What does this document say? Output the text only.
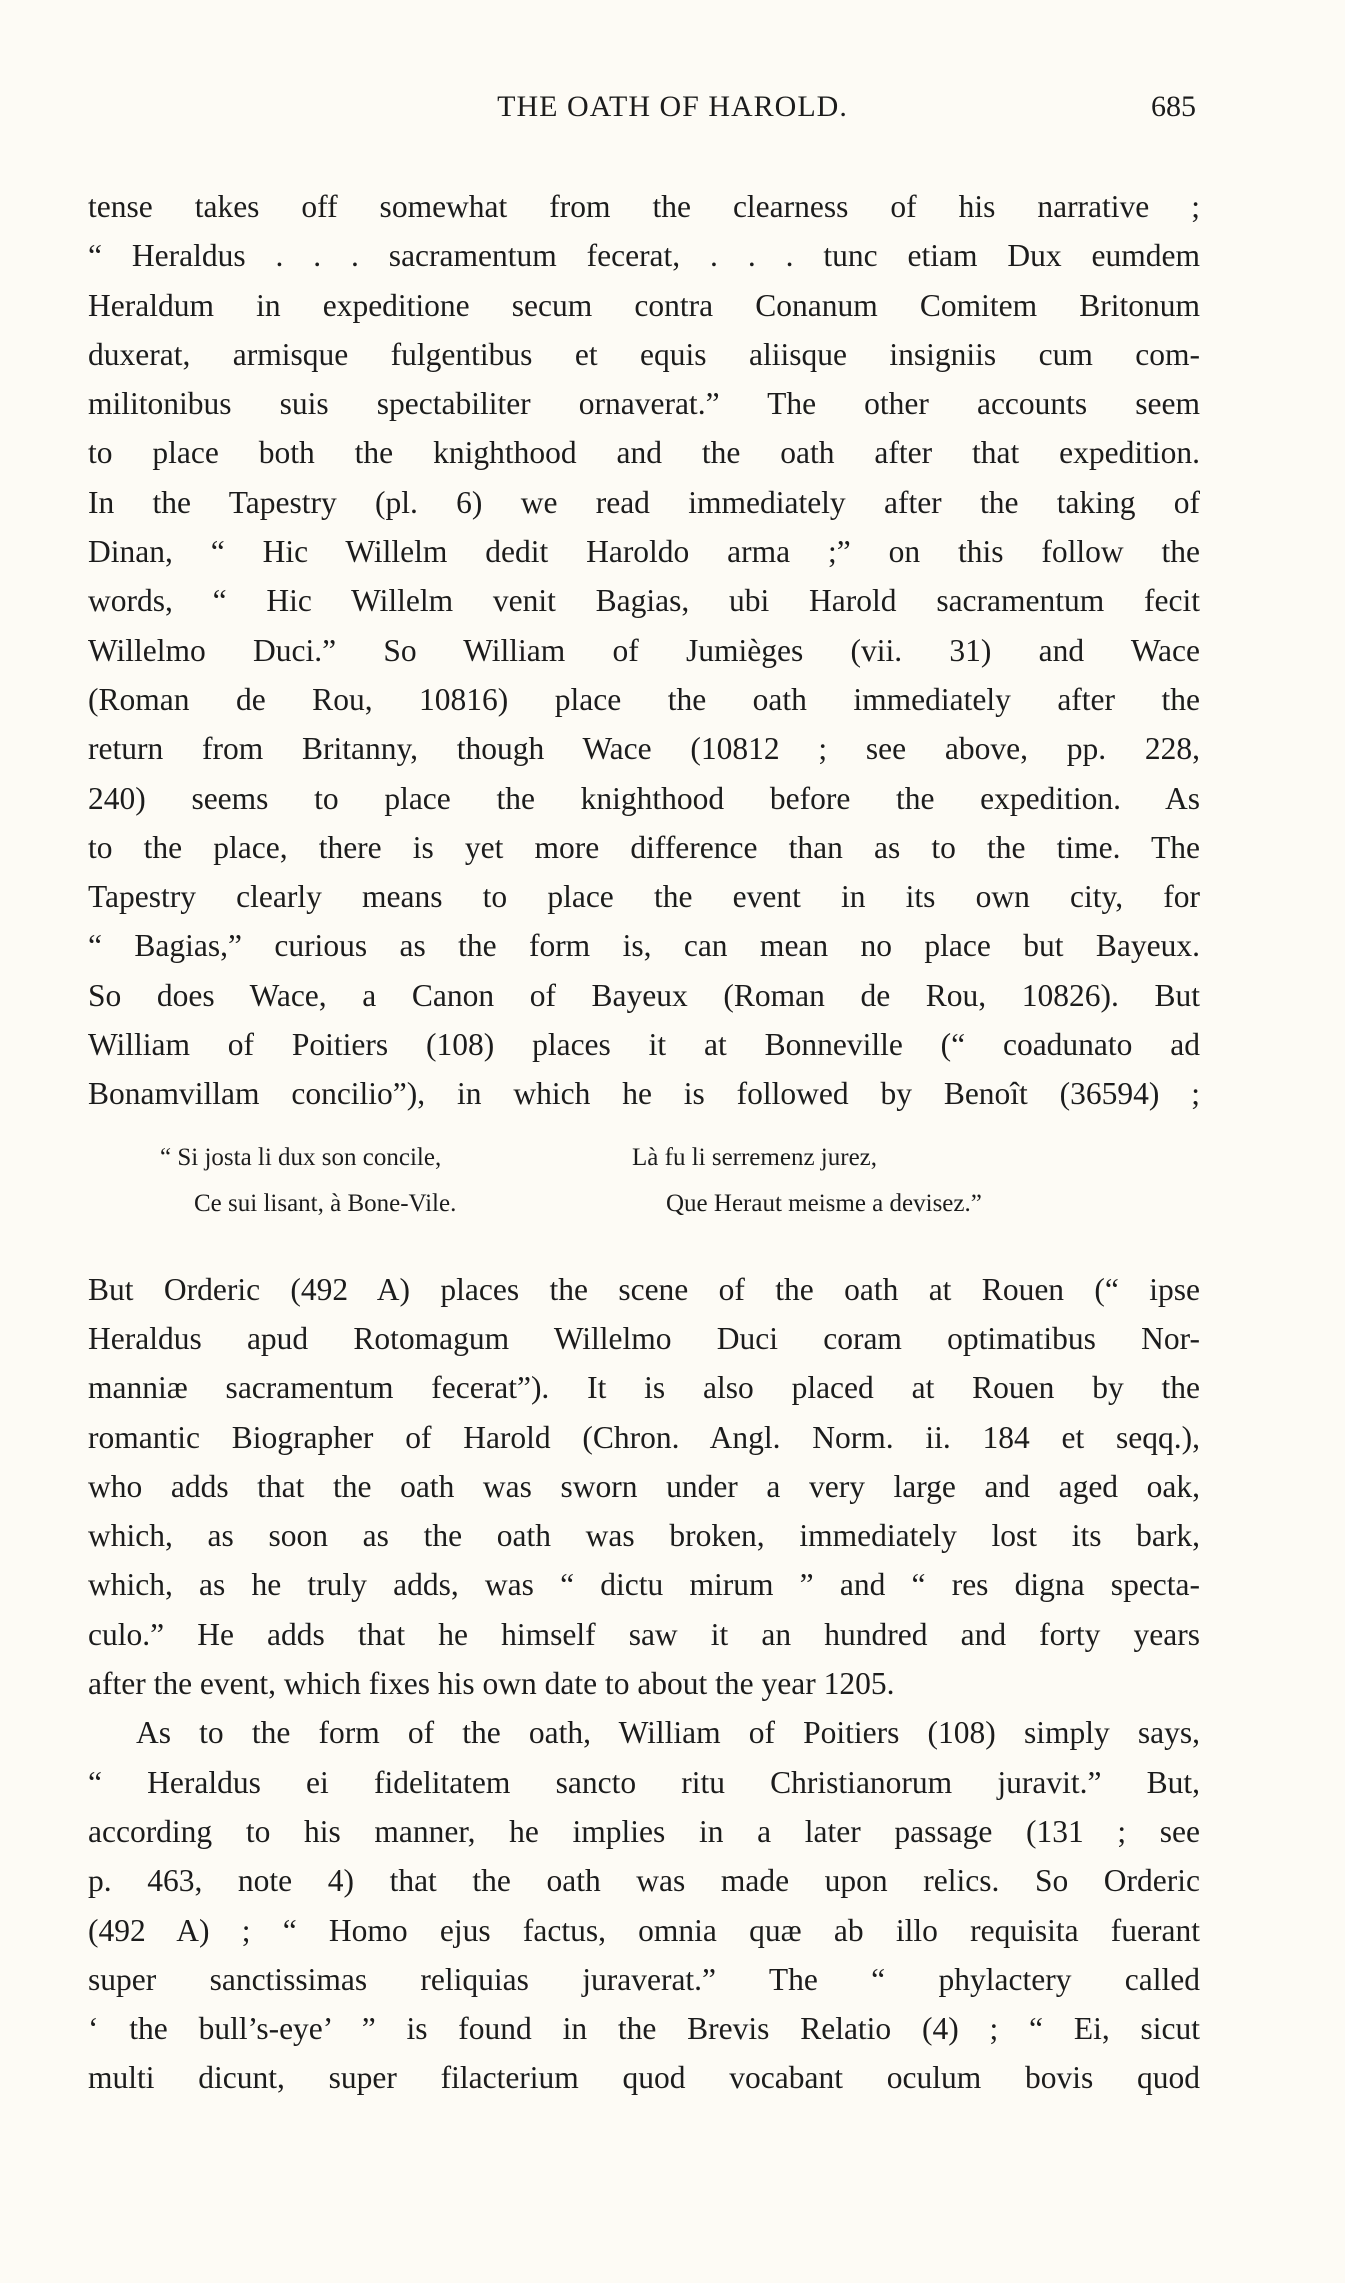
THE OATH OF HAROLD.	685
tense takes off somewhat from the clearness of his narrative ;
“ Heraldus . . . sacramentum fecerat, . . . tunc etiam Dux eumdem
Heraldum in expeditione secum contra Conanum Comitem Britonum
duxerat, armisque fulgentibus et equis aliisque insigniis cum com-
militonibus suis spectabiliter ornaverat.” The other accounts seem
to place both the knighthood and the oath after that expedition.
In the Tapestry (pl. 6) we read immediately after the taking of
Dinan, “ Hic Willelm dedit Haroldo arma ;” on this follow the
words, “ Hic Willelm venit Bagias, ubi Harold sacramentum fecit
Willelmo Duci.” So William of Jumièges (vii. 31) and Wace
(Roman de Rou, 10816) place the oath immediately after the
return from Britanny, though Wace (10812 ; see above, pp. 228,
240) seems to place the knighthood before the expedition. As
to the place, there is yet more difference than as to the time. The
Tapestry clearly means to place the event in its own city, for
“ Bagias,” curious as the form is, can mean no place but Bayeux.
So does Wace, a Canon of Bayeux (Roman de Rou, 10826). But
William of Poitiers (108) places it at Bonneville (“ coadunato ad
Bonamvillam concilio”), in which he is followed by Benoît (36594) ;
“ Si josta li dux son concile,
Ce sui lisant, à Bone-Vile.
Là fu li serremenz jurez,
Que Heraut meisme a devisez.”
But Orderic (492 A) places the scene of the oath at Rouen (“ ipse
Heraldus apud Rotomagum Willelmo Duci coram optimatibus Nor-
manniæ sacramentum fecerat”). It is also placed at Rouen by the
romantic Biographer of Harold (Chron. Angl. Norm. ii. 184 et seqq.),
who adds that the oath was sworn under a very large and aged oak,
which, as soon as the oath was broken, immediately lost its bark,
which, as he truly adds, was “ dictu mirum ” and “ res digna specta-
culo.” He adds that he himself saw it an hundred and forty years
after the event, which fixes his own date to about the year 1205.
As to the form of the oath, William of Poitiers (108) simply says,
“ Heraldus ei fidelitatem sancto ritu Christianorum juravit.” But,
according to his manner, he implies in a later passage (131 ; see
p. 463, note 4) that the oath was made upon relics. So Orderic
(492 A) ; “ Homo ejus factus, omnia quæ ab illo requisita fuerant
super sanctissimas reliquias juraverat.” The “ phylactery called
‘ the bull’s-eye’ ” is found in the Brevis Relatio (4) ; “ Ei, sicut
multi dicunt, super filacterium quod vocabant oculum bovis quod
